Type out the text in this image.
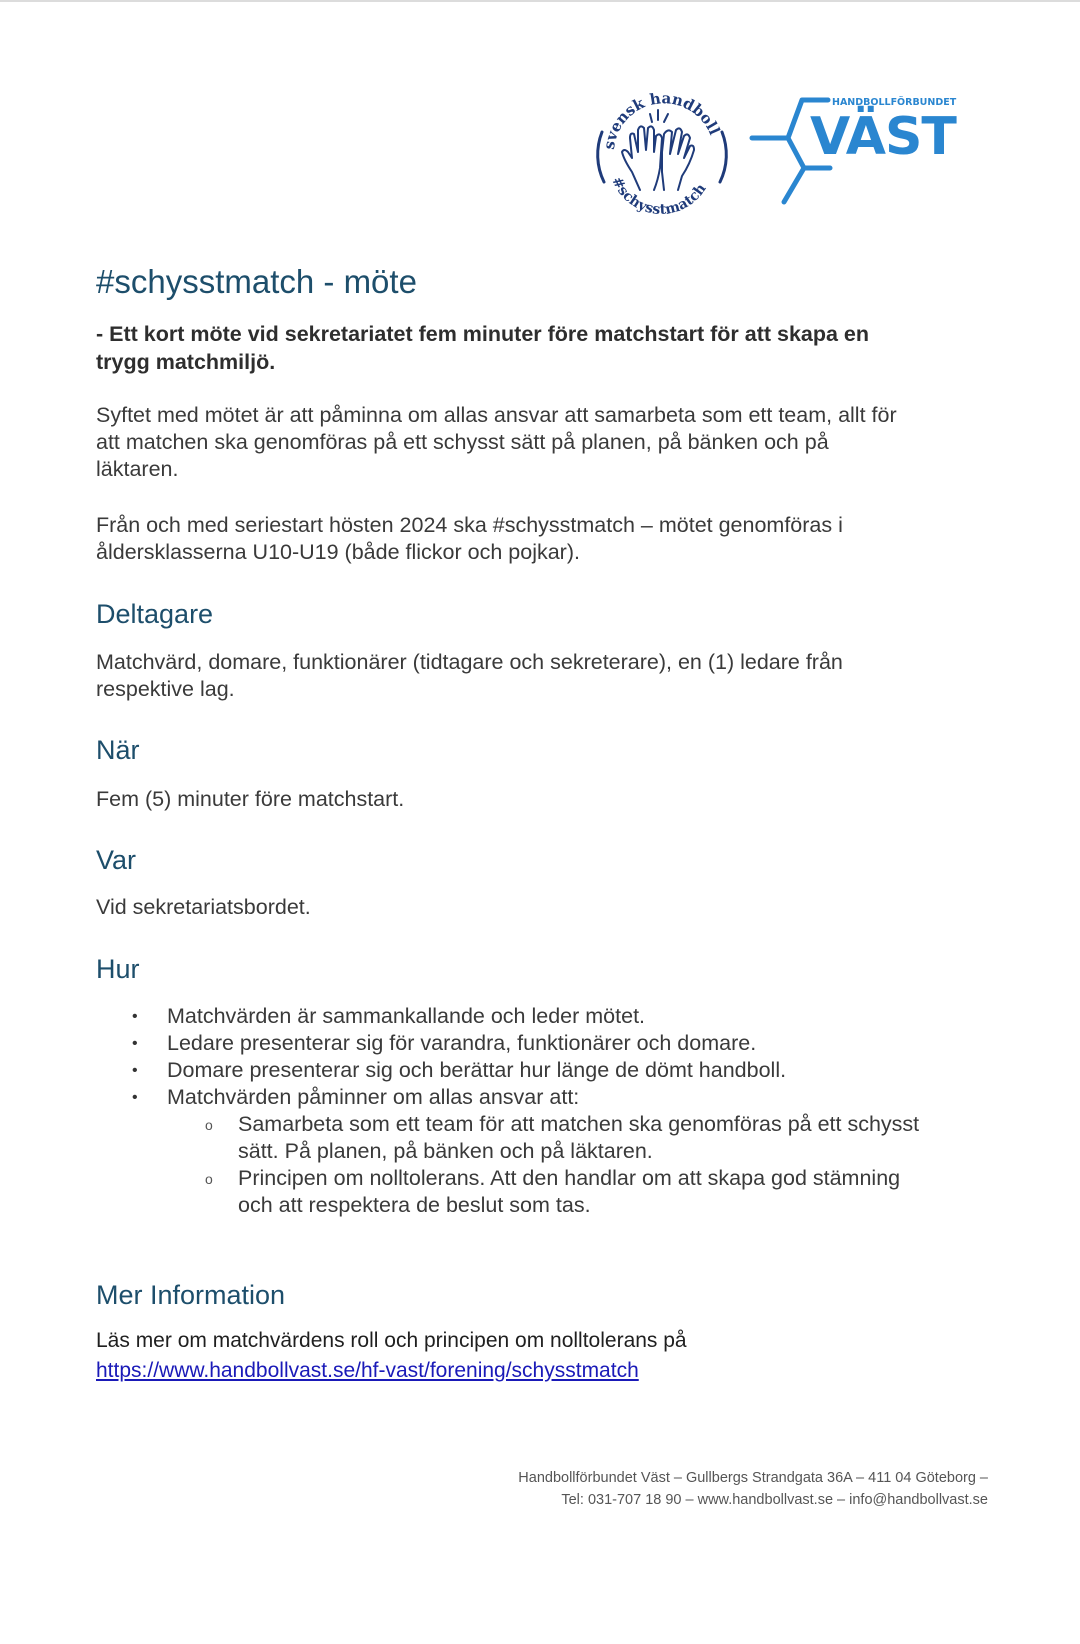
svensk handboll
#schysstmatch
HANDBOLLFÖRBUNDET
VÄST
#schysstmatch - möte
- Ett kort möte vid sekretariatet fem minuter före matchstart för att skapa en
trygg matchmiljö.
Syftet med mötet är att påminna om allas ansvar att samarbeta som ett team, allt för
att matchen ska genomföras på ett schysst sätt på planen, på bänken och på
läktaren.
Från och med seriestart hösten 2024 ska #schysstmatch – mötet genomföras i
åldersklasserna U10-U19 (både flickor och pojkar).
Deltagare
Matchvärd, domare, funktionärer (tidtagare och sekreterare), en (1) ledare från
respektive lag.
När
Fem (5) minuter före matchstart.
Var
Vid sekretariatsbordet.
Hur
• Matchvärden är sammankallande och leder mötet.
• Ledare presenterar sig för varandra, funktionärer och domare.
• Domare presenterar sig och berättar hur länge de dömt handboll.
• Matchvärden påminner om allas ansvar att:
o Samarbeta som ett team för att matchen ska genomföras på ett schysst
sätt. På planen, på bänken och på läktaren.
o Principen om nolltolerans. Att den handlar om att skapa god stämning
och att respektera de beslut som tas.
Mer Information
Läs mer om matchvärdens roll och principen om nolltolerans på
https://www.handbollvast.se/hf-vast/forening/schysstmatch
Handbollförbundet Väst – Gullbergs Strandgata 36A – 411 04 Göteborg –
Tel: 031-707 18 90 – www.handbollvast.se – info@handbollvast.se
